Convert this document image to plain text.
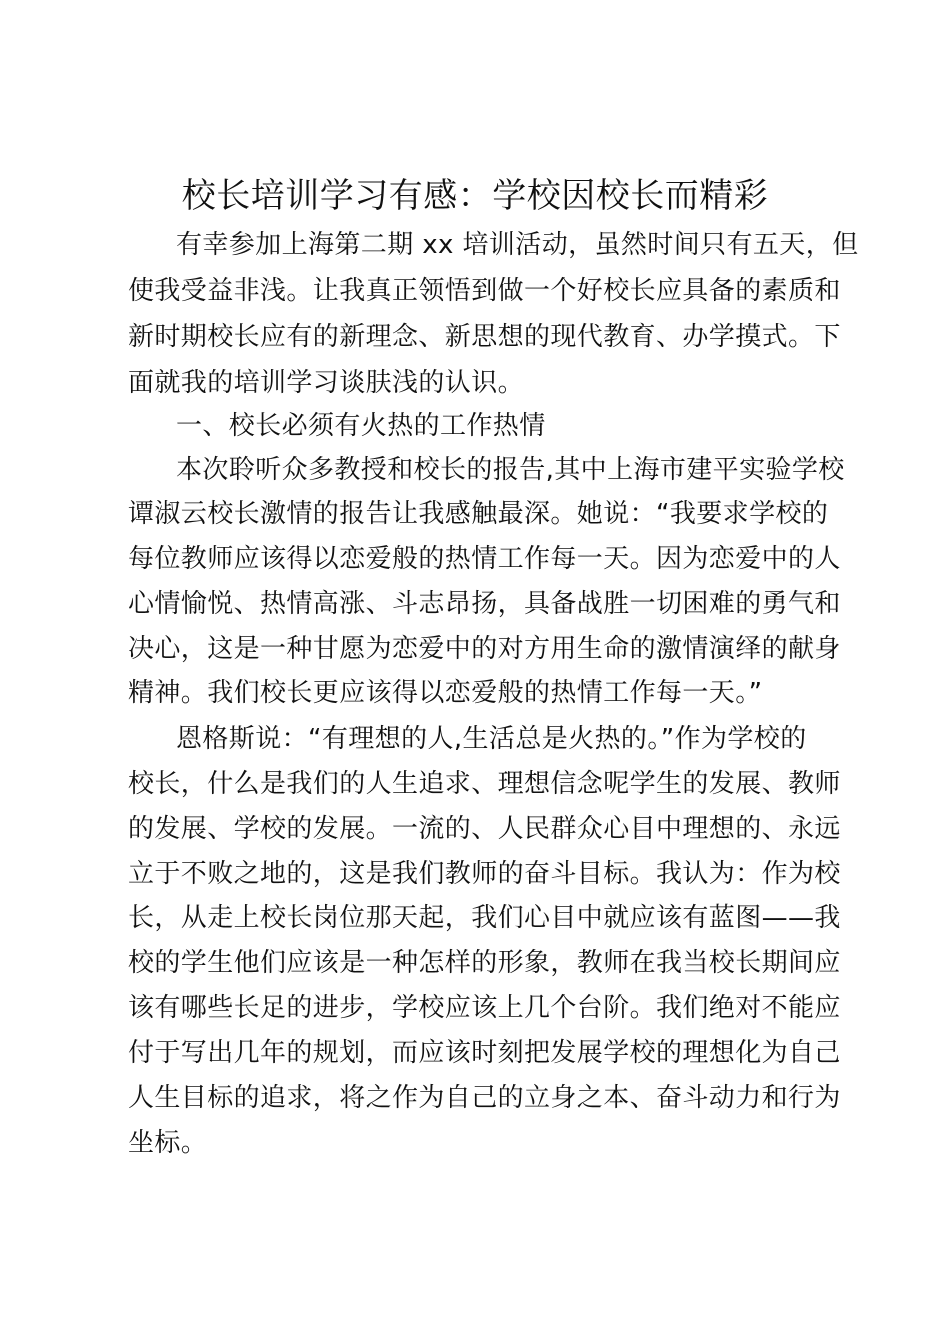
校长培训学习有感：学校因校长而精彩
有幸参加上海第二期 xx 培训活动，虽然时间只有五天，但
使我受益非浅。让我真正领悟到做一个好校长应具备的素质和
新时期校长应有的新理念、新思想的现代教育、办学摸式。下
面就我的培训学习谈肤浅的认识。
一、校长必须有火热的工作热情
本次聆听众多教授和校长的报告,其中上海市建平实验学校
谭淑云校长激情的报告让我感触最深。她说：“我要求学校的
每位教师应该得以恋爱般的热情工作每一天。因为恋爱中的人
心情愉悦、热情高涨、斗志昂扬，具备战胜一切困难的勇气和
决心，这是一种甘愿为恋爱中的对方用生命的激情演绎的献身
精神。我们校长更应该得以恋爱般的热情工作每一天。”
恩格斯说：“有理想的人,生活总是火热的。”作为学校的
校长，什么是我们的人生追求、理想信念呢学生的发展、教师
的发展、学校的发展。一流的、人民群众心目中理想的、永远
立于不败之地的，这是我们教师的奋斗目标。我认为：作为校
长，从走上校长岗位那天起，我们心目中就应该有蓝图——我
校的学生他们应该是一种怎样的形象，教师在我当校长期间应
该有哪些长足的进步，学校应该上几个台阶。我们绝对不能应
付于写出几年的规划，而应该时刻把发展学校的理想化为自己
人生目标的追求，将之作为自己的立身之本、奋斗动力和行为
坐标。
